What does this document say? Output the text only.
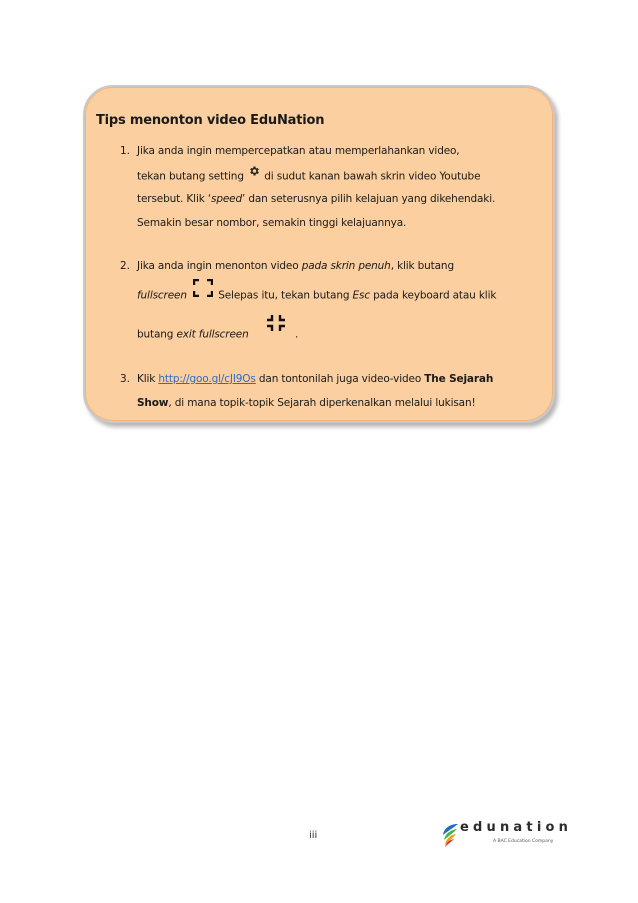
Tips menonton video EduNation
1. Jika anda ingin mempercepatkan atau memperlahankan video,
tekan butang setting di sudut kanan bawah skrin video Youtube
tersebut. Klik ‘speed’ dan seterusnya pilih kelajuan yang dikehendaki.
Semakin besar nombor, semakin tinggi kelajuannya.
2. Jika anda ingin menonton video pada skrin penuh, klik butang
fullscreen	Selepas itu, tekan butang Esc pada keyboard atau klik
butang exit fullscreen	.
3. Klik http://goo.gl/cJI9Os dan tontonilah juga video-video The Sejarah
Show, di mana topik-topik Sejarah diperkenalkan melalui lukisan!
iii
edunation
A BAC Education Company
